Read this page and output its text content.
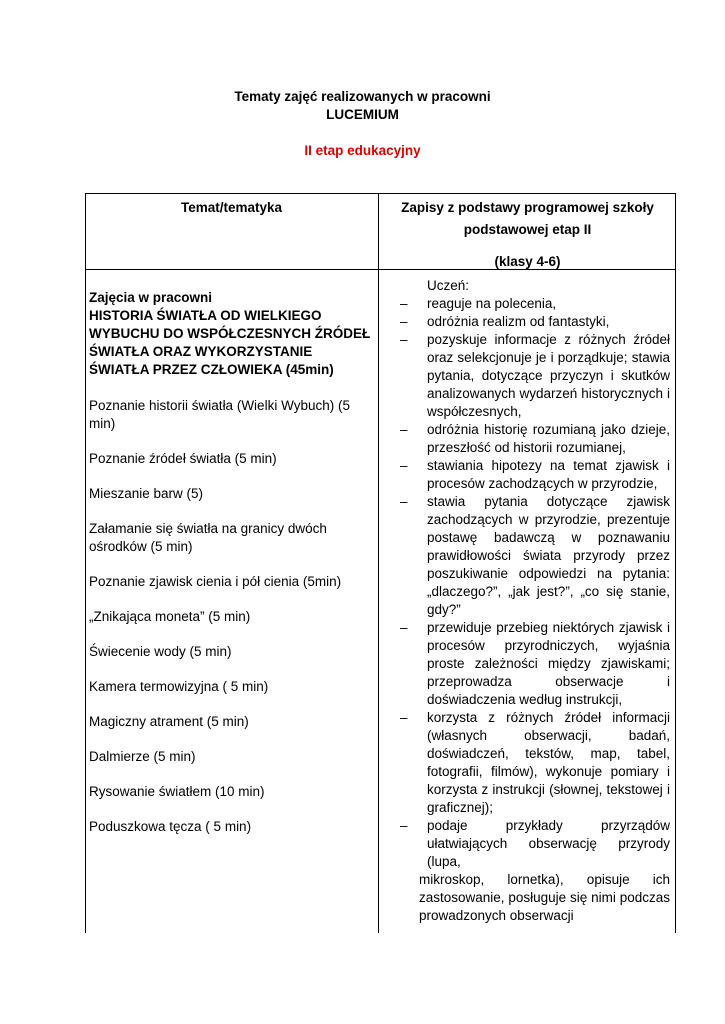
Tematy zajęć realizowanych w pracowni
LUCEMIUM
II etap edukacyjny
Temat/tematyka	Zapisy z podstawy programowej szkoły
podstawowej etap II
(klasy 4-6)
Zajęcia w pracowni
HISTORIA ŚWIATŁA OD WIELKIEGO WYBUCHU DO WSPÓŁCZESNYCH ŹRÓDEŁ ŚWIATŁA ORAZ WYKORZYSTANIE ŚWIATŁA PRZEZ CZŁOWIEKA (45min)
Poznanie historii światła (Wielki Wybuch) (5 min)
Poznanie źródeł światła (5 min)
Mieszanie barw (5)
Załamanie się światła na granicy dwóch ośrodków (5 min)
Poznanie zjawisk cienia i pół cienia (5min)
„Znikająca moneta” (5 min)
Świecenie wody (5 min)
Kamera termowizyjna ( 5 min)
Magiczny atrament (5 min)
Dalmierze (5 min)
Rysowanie światłem (10 min)
Poduszkowa tęcza ( 5 min)
Uczeń:
– reaguje na polecenia,
– odróżnia realizm od fantastyki,
– pozyskuje informacje z różnych źródeł oraz selekcjonuje je i porządkuje; stawia pytania, dotyczące przyczyn i skutków analizowanych wydarzeń historycznych i współczesnych,
– odróżnia historię rozumianą jako dzieje, przeszłość od historii rozumianej,
– stawiania hipotezy na temat zjawisk i procesów zachodzących w przyrodzie,
– stawia pytania dotyczące zjawisk zachodzących w przyrodzie, prezentuje postawę badawczą w poznawaniu prawidłowości świata przyrody przez poszukiwanie odpowiedzi na pytania: „dlaczego?”, „jak jest?”, „co się stanie, gdy?”
– przewiduje przebieg niektórych zjawisk i procesów przyrodniczych, wyjaśnia proste zależności między zjawiskami; przeprowadza obserwacje i doświadczenia według instrukcji,
– korzysta z różnych źródeł informacji (własnych obserwacji, badań, doświadczeń, tekstów, map, tabel, fotografii, filmów), wykonuje pomiary i korzysta z instrukcji (słownej, tekstowej i graficznej);
– podaje przykłady przyrządów ułatwiających obserwację przyrody (lupa,
mikroskop, lornetka), opisuje ich zastosowanie, posługuje się nimi podczas prowadzonych obserwacji
